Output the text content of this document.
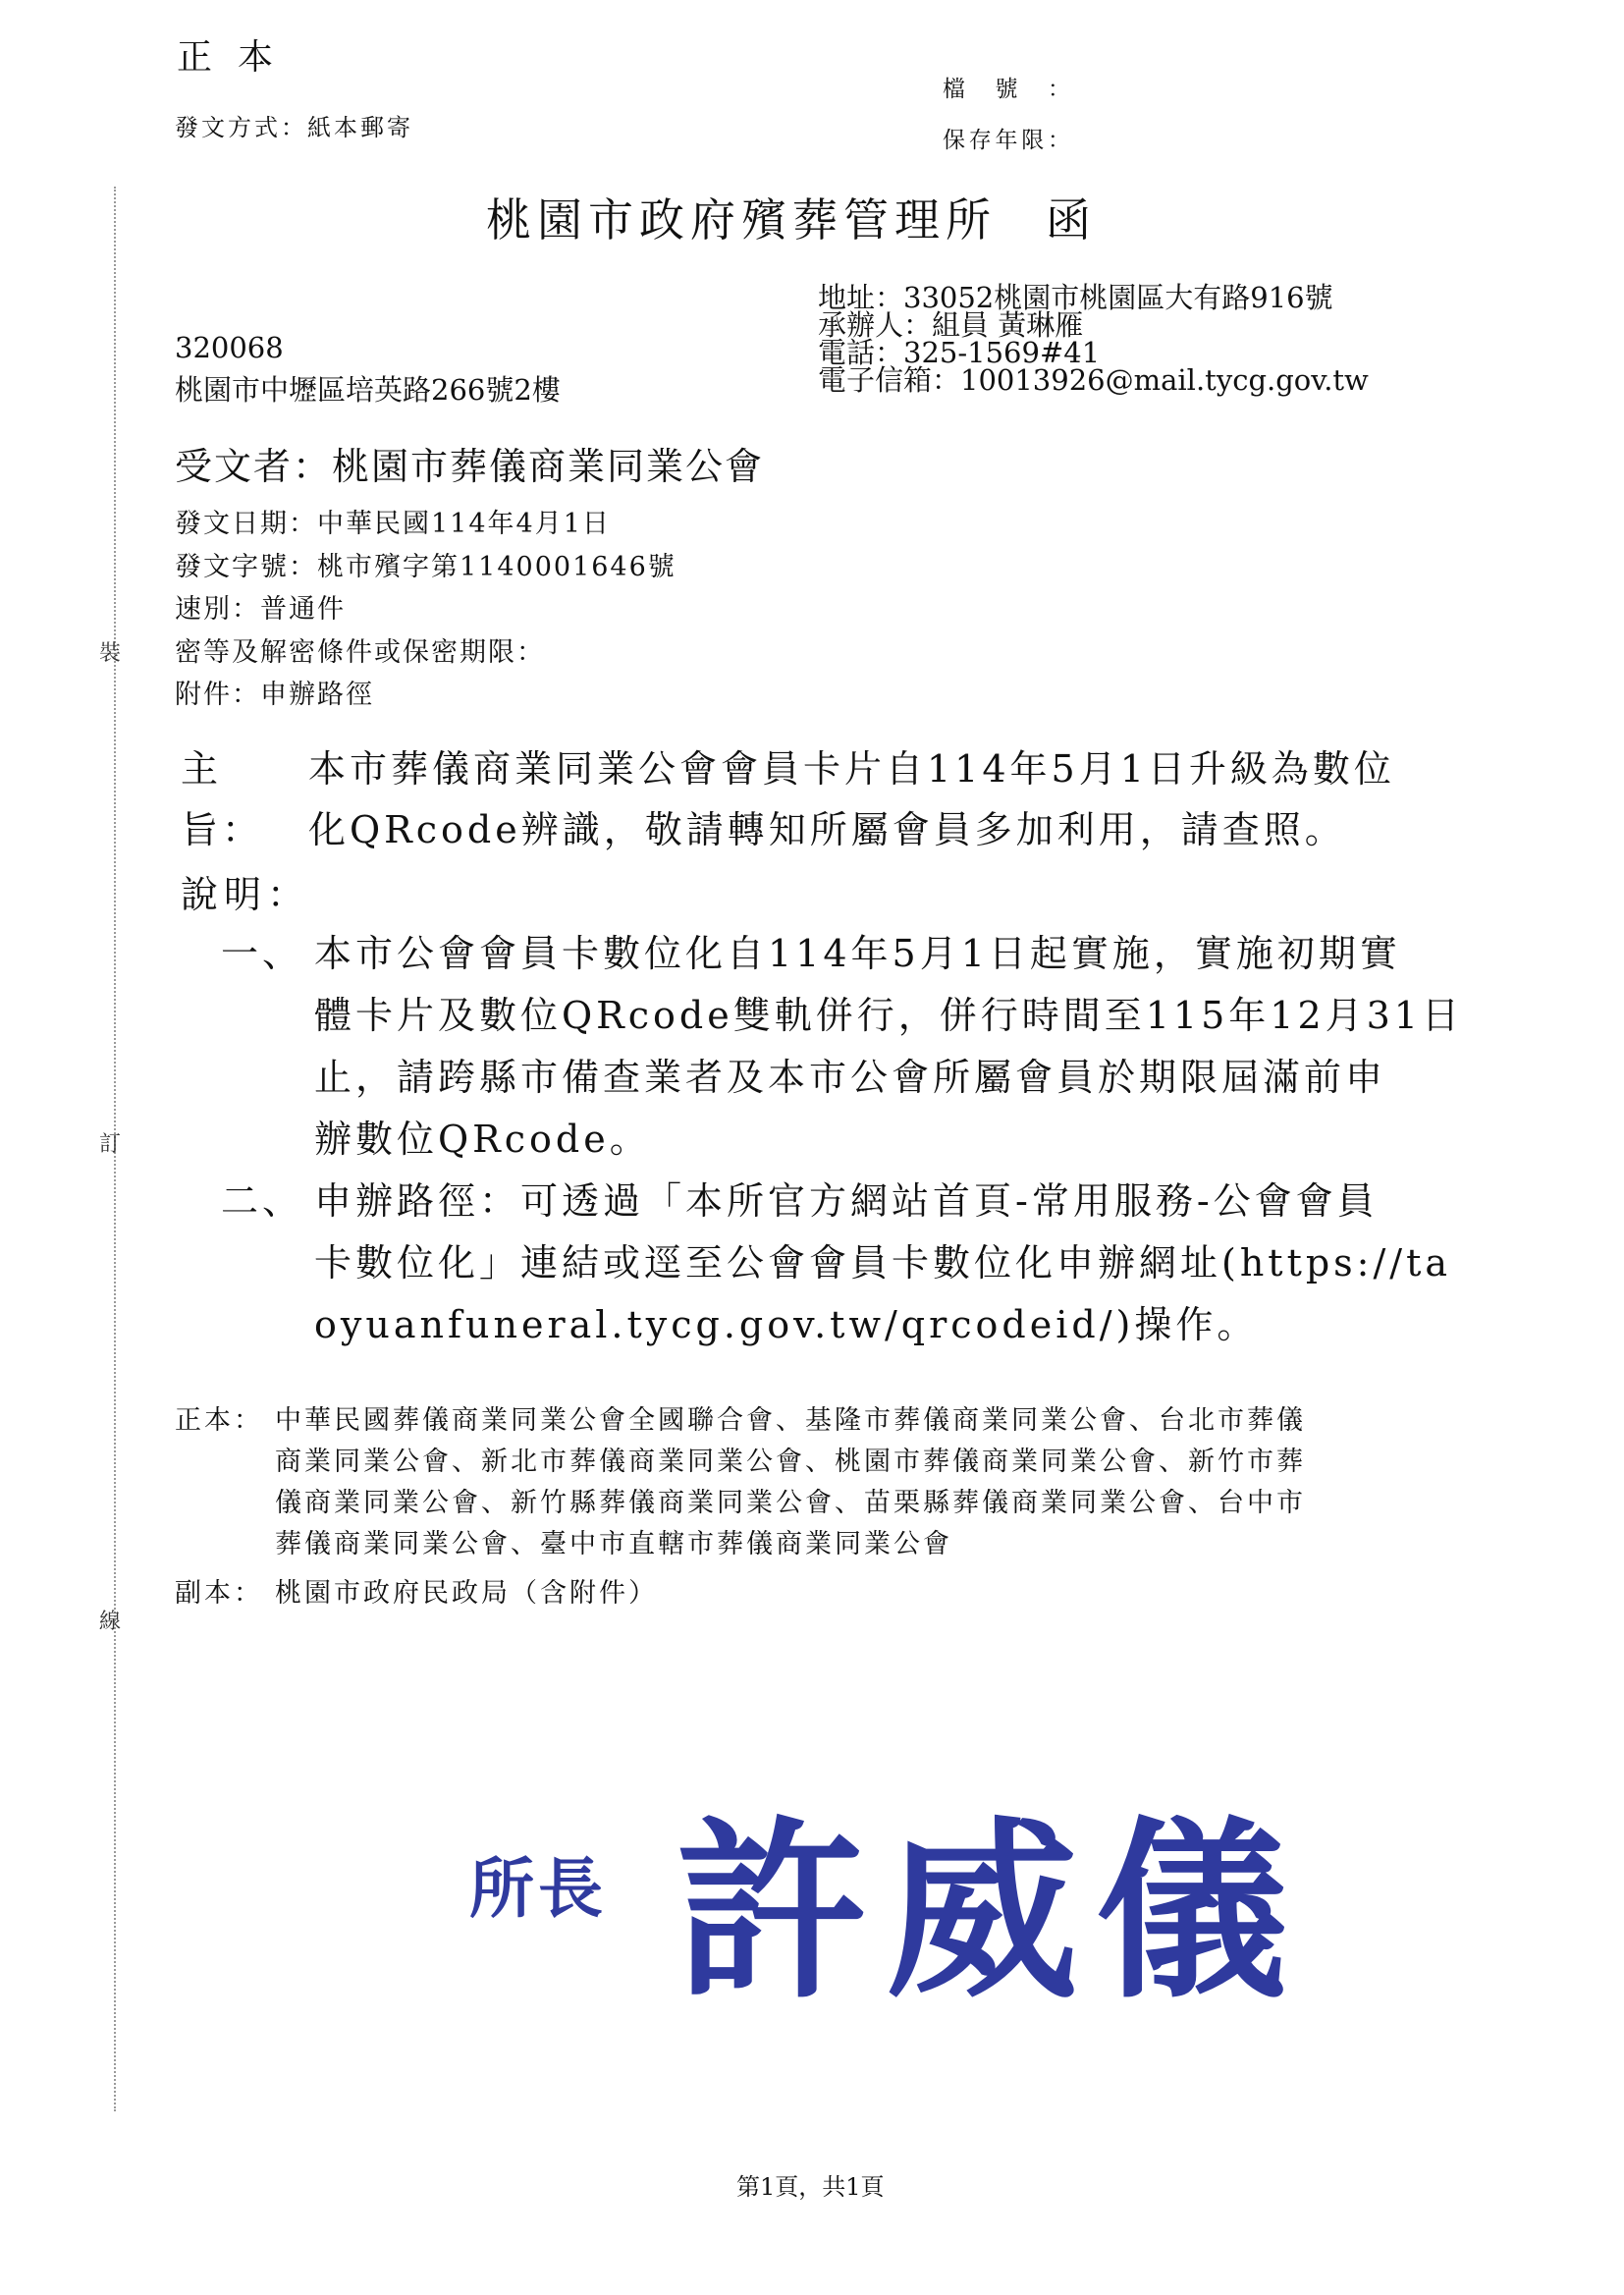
裝
訂
線
正本
發文方式：紙本郵寄
檔號：
保存年限：
桃園市政府殯葬管理所 函
地址：33052桃園市桃園區大有路916號
承辦人：組員 黃琳雁
電話：325-1569#41
電子信箱：10013926@mail.tycg.gov.tw
320068
桃園市中壢區培英路266號2樓
受文者：桃園市葬儀商業同業公會
發文日期：中華民國114年4月1日
發文字號：桃市殯字第1140001646號
速別：普通件
密等及解密條件或保密期限：
附件：申辦路徑
主旨：
本市葬儀商業同業公會會員卡片自114年5月1日升級為數位
化QRcode辨識，敬請轉知所屬會員多加利用，請查照。
說明：
一、 本市公會會員卡數位化自114年5月1日起實施，實施初期實
體卡片及數位QRcode雙軌併行，併行時間至115年12月31日
止，請跨縣市備查業者及本市公會所屬會員於期限屆滿前申
辦數位QRcode。
二、 申辦路徑：可透過「本所官方網站首頁-常用服務-公會會員
卡數位化」連結或逕至公會會員卡數位化申辦網址(https://ta
oyuanfuneral.tycg.gov.tw/qrcodeid/)操作。
正本： 中華民國葬儀商業同業公會全國聯合會、基隆市葬儀商業同業公會、台北市葬儀
商業同業公會、新北市葬儀商業同業公會、桃園市葬儀商業同業公會、新竹市葬
儀商業同業公會、新竹縣葬儀商業同業公會、苗栗縣葬儀商業同業公會、台中市
葬儀商業同業公會、臺中市直轄市葬儀商業同業公會
副本： 桃園市政府民政局（含附件）
所長 許威儀
第1頁，共1頁
